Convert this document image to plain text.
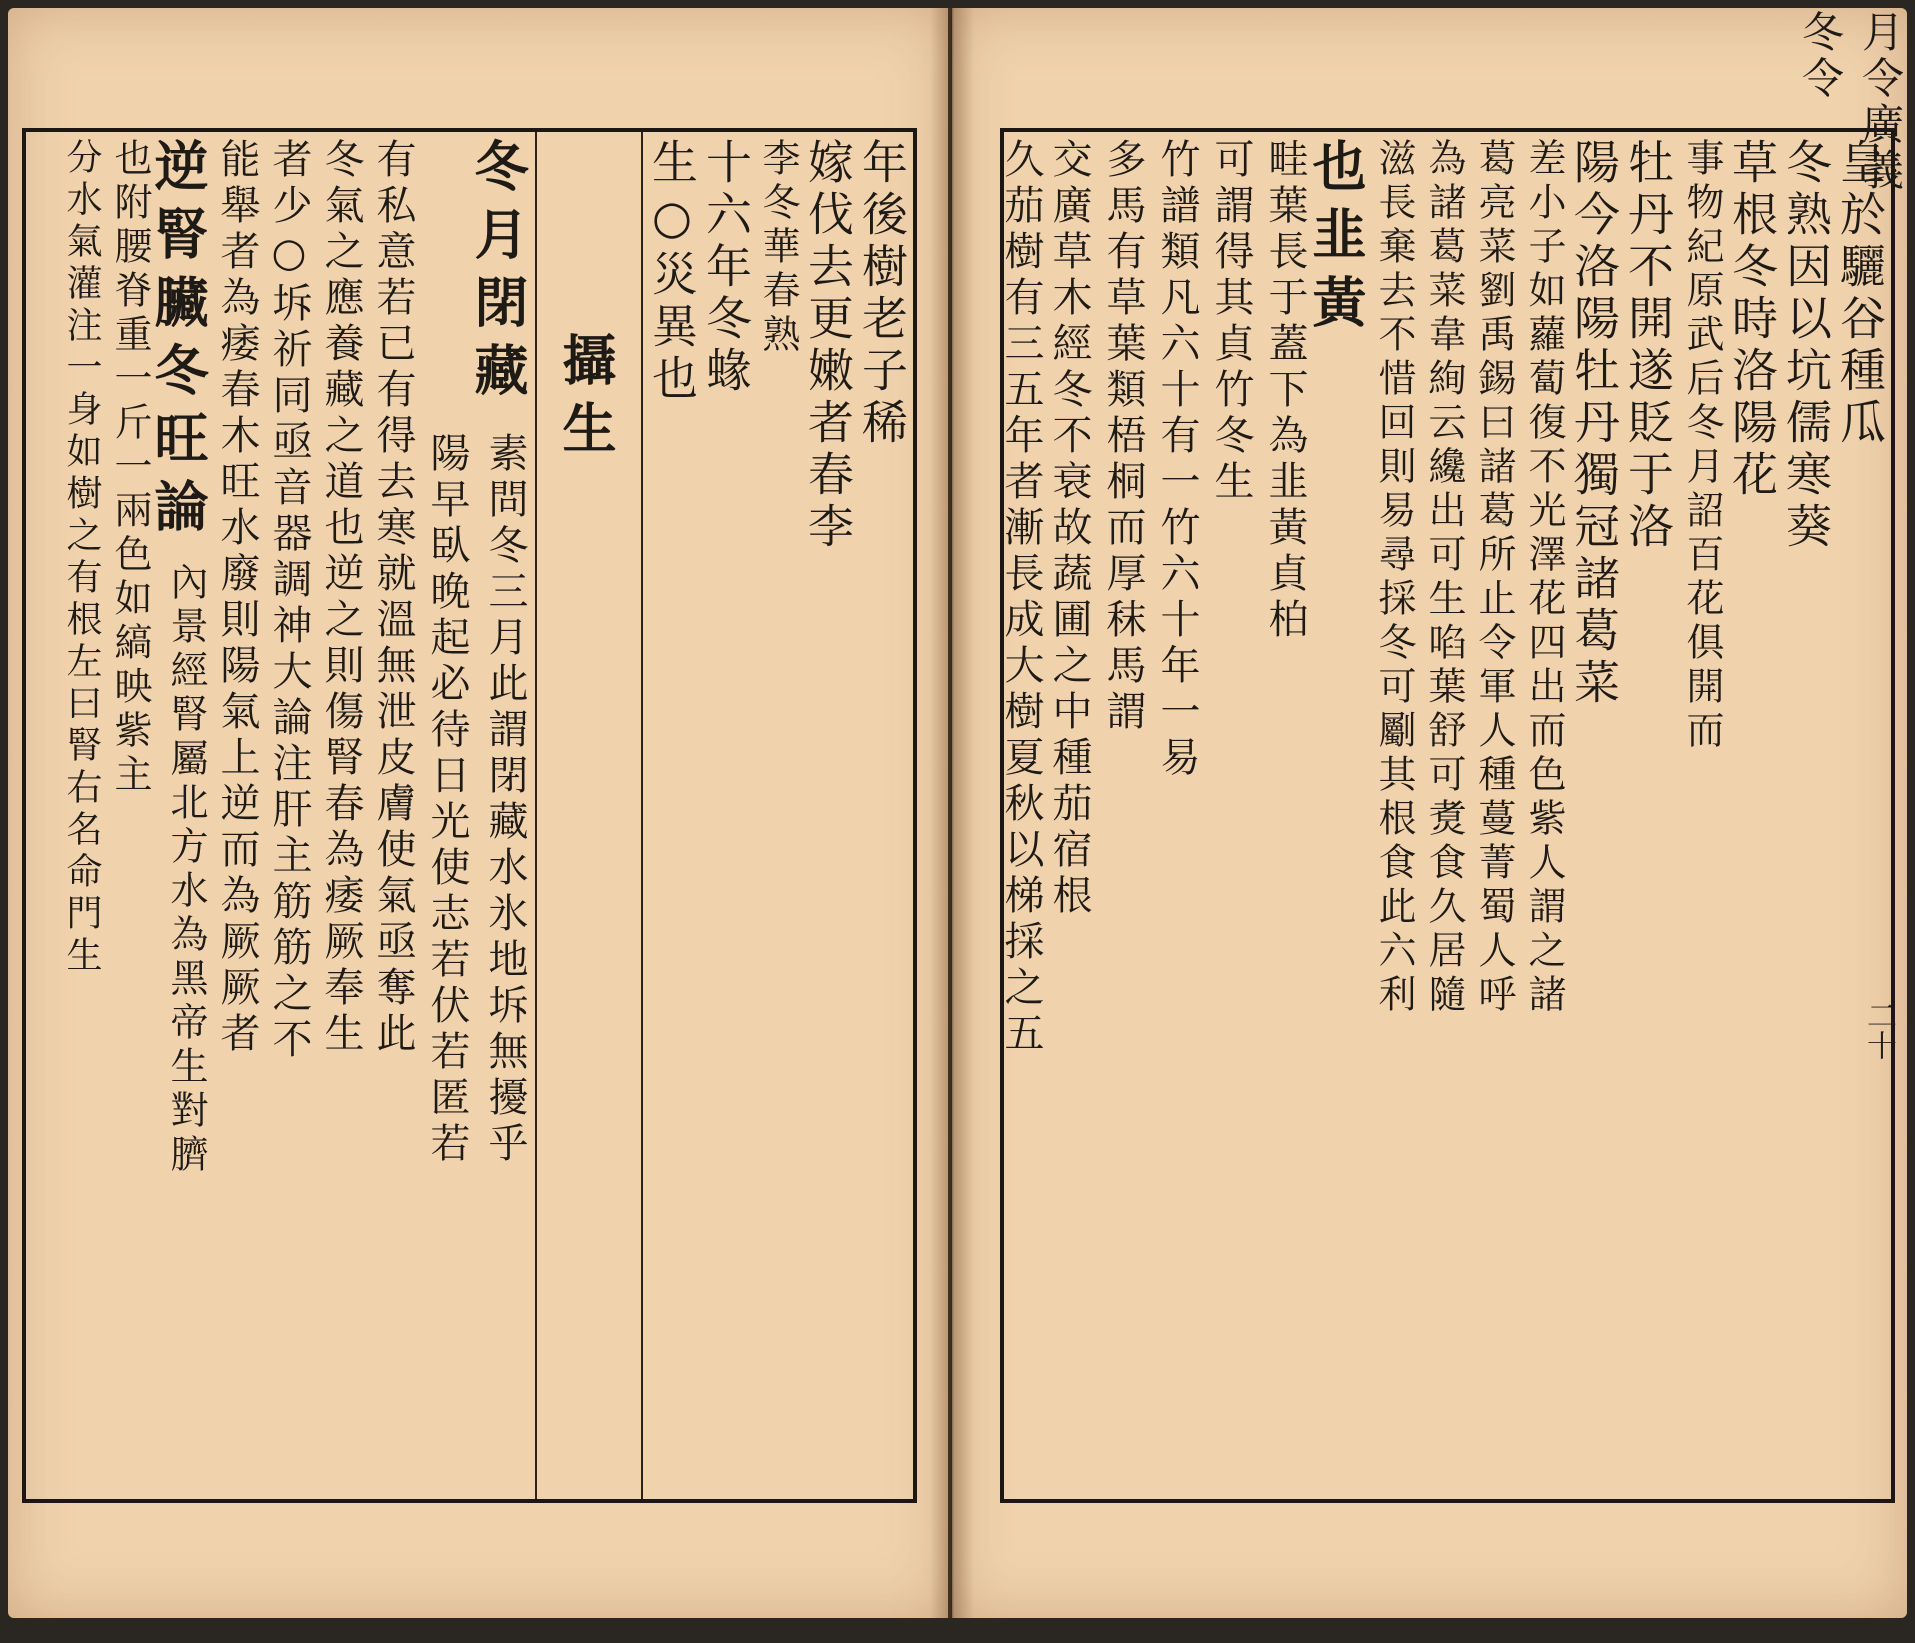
年後樹老子稀
嫁伐去更嫩者春李
李冬華春熟
十六年冬蝝
生○災異也
攝生
冬月閉藏
素問冬三月此謂閉藏水氷地坼無擾乎
陽早臥晚起必待日光使志若伏若匿若
有私意若已有得去寒就溫無泄皮膚使氣亟奪此
冬氣之應養藏之道也逆之則傷腎春為痿厥奉生
者少○坼祈同亟音器調神大論注肝主筋筋之不
能舉者為痿春木旺水廢則陽氣上逆而為厥厥者
逆腎臟冬旺論
內景經腎屬北方水為黑帝生對臍
也附腰脊重一斤一兩色如縞映紫主
分水氣灌注一身如樹之有根左曰腎右名命門生	皇於驪谷種瓜
冬熟因以坑儒寒葵
草根冬時洛陽花
事物紀原武后冬月詔百花俱開而
牡丹不開遂貶于洛
陽今洛陽牡丹獨冠諸葛菜
差小子如蘿蔔復不光澤花四出而色紫人謂之諸
葛亮菜劉禹錫曰諸葛所止令軍人種蔓菁蜀人呼
為諸葛菜韋絢云纔出可生啗葉舒可煑食久居隨
滋長棄去不惜回則易尋採冬可劚其根食此六利
也韭黃
畦葉長于蓋下為韭黃貞柏
可謂得其貞竹冬生
竹譜類凡六十有一竹六十年一易
多馬有草葉類梧桐而厚秣馬謂
交廣草木經冬不衰故蔬圃之中種茄宿根
久茄樹有三五年者漸長成大樹夏秋以梯採之五
月令廣義冬令
二十
